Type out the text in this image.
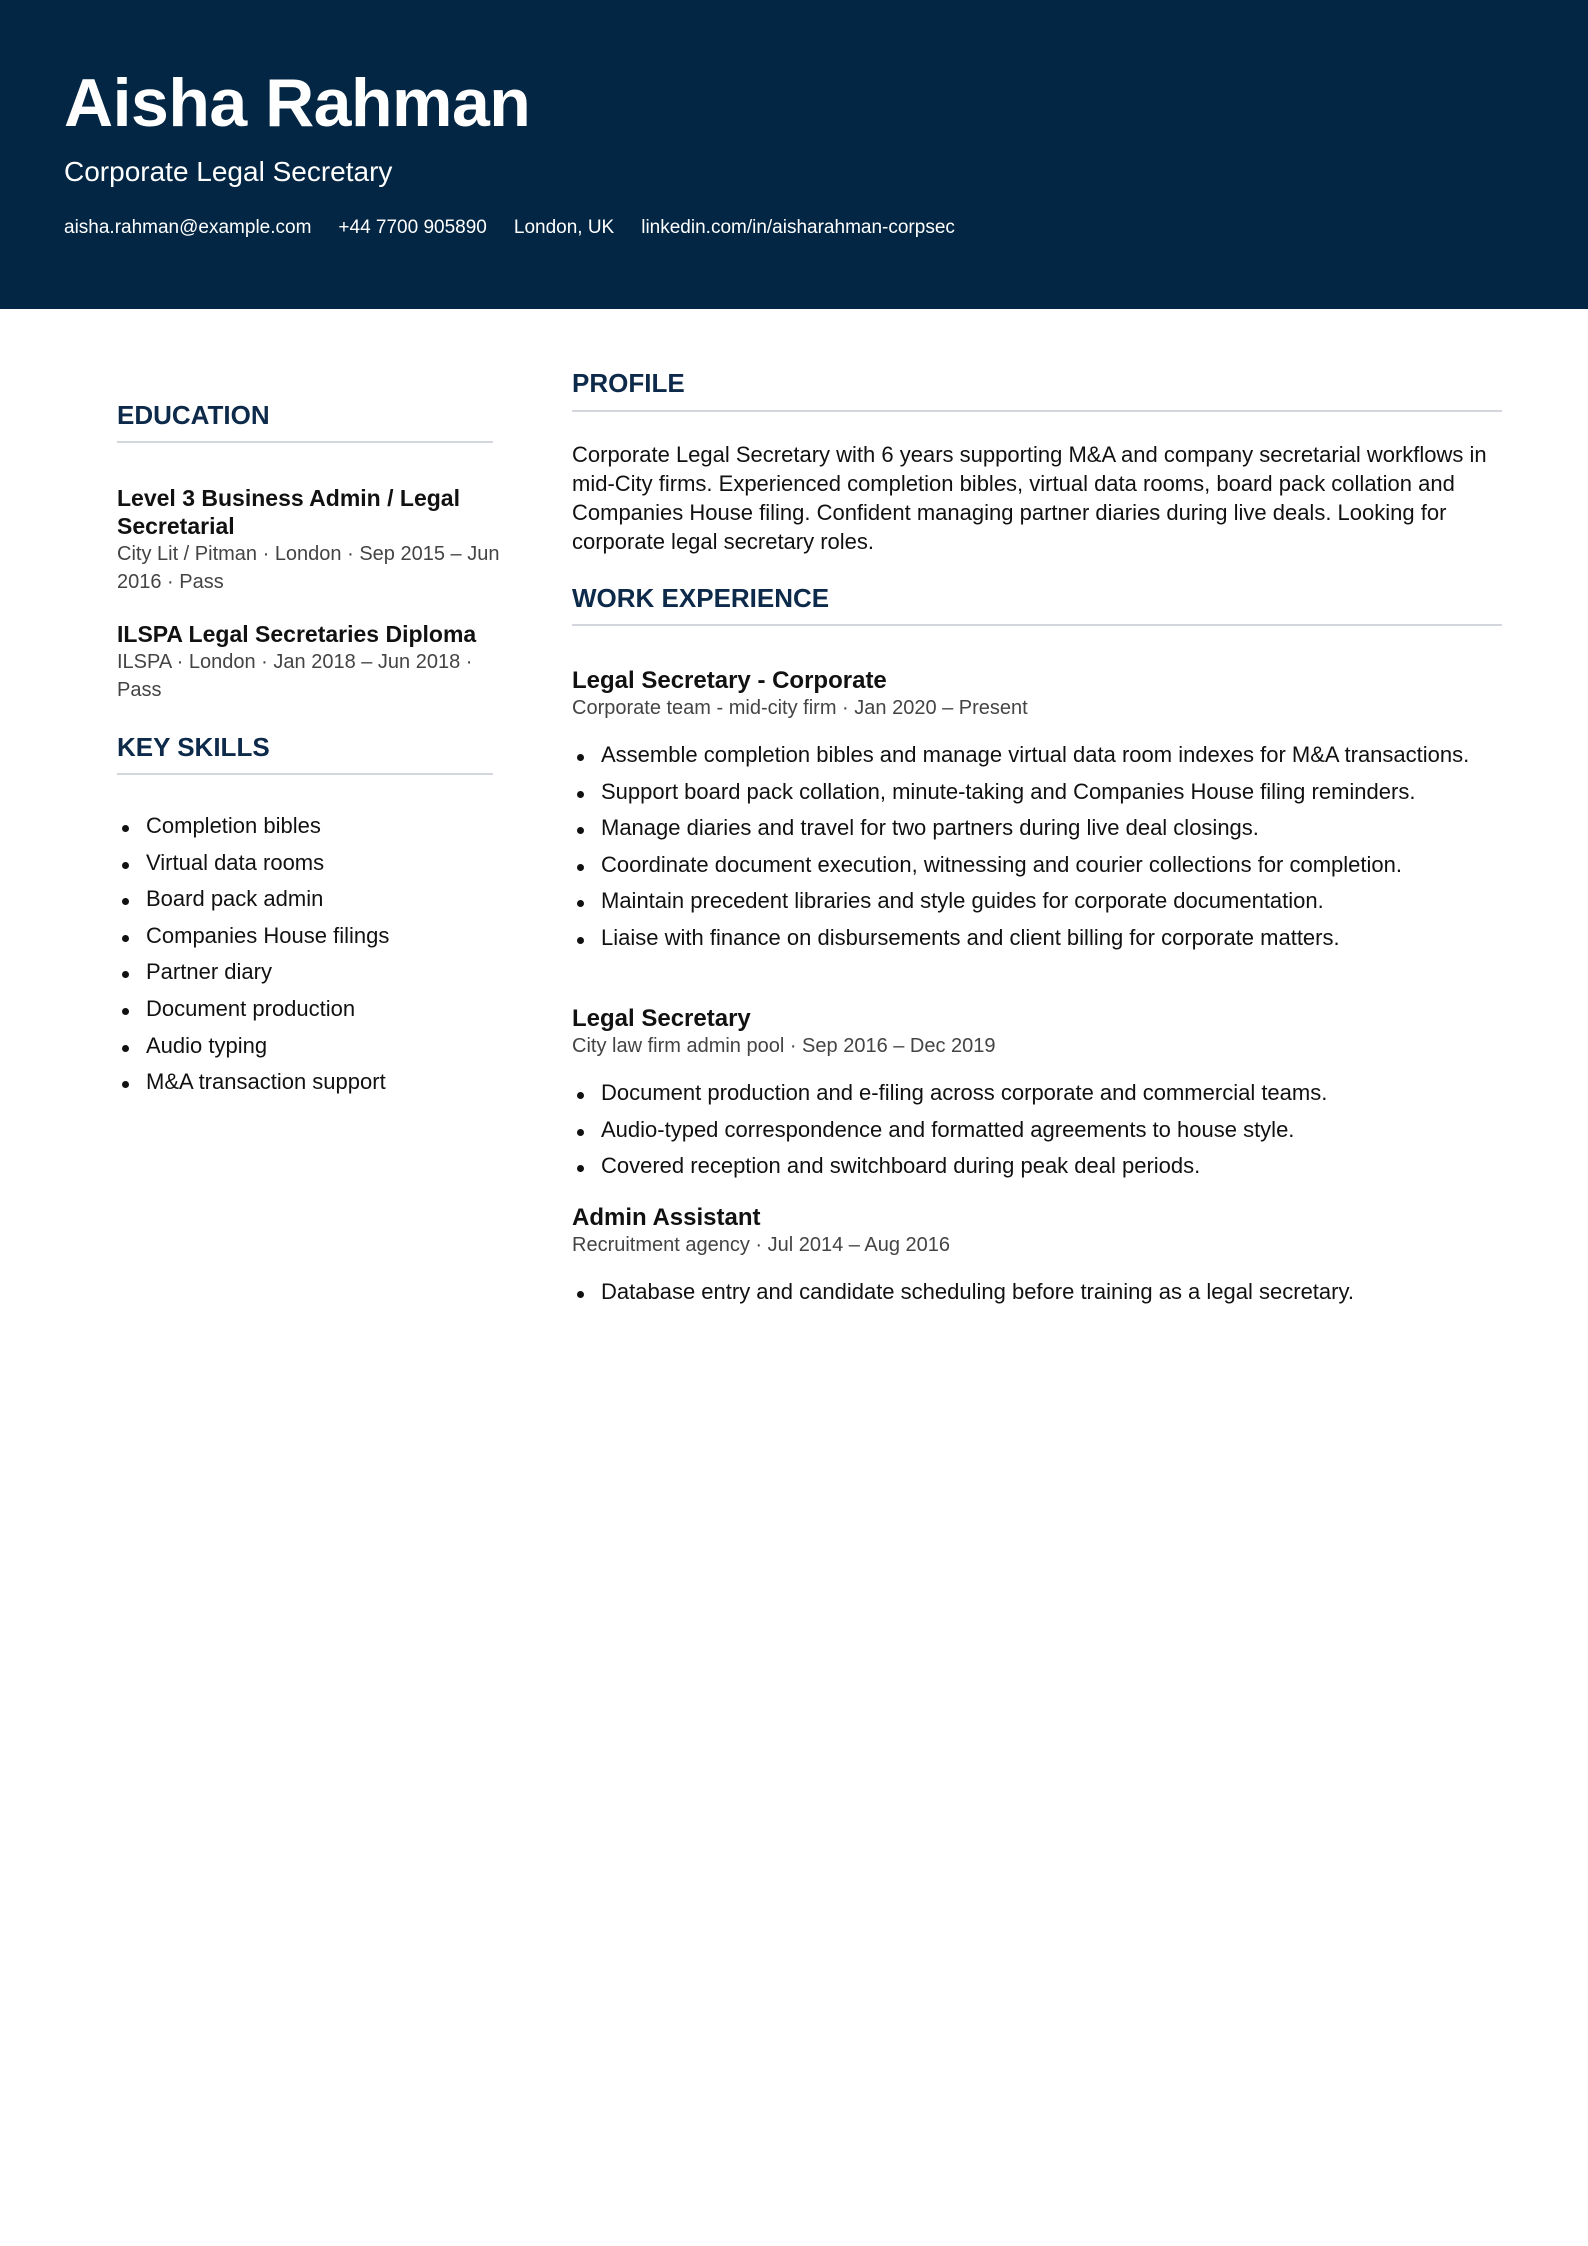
Aisha Rahman
Corporate Legal Secretary
aisha.rahman@example.com +44 7700 905890 London, UK linkedin.com/in/aisharahman-corpsec
EDUCATION
Level 3 Business Admin / Legal Secretarial
City Lit / Pitman · London · Sep 2015 – Jun 2016 · Pass
ILSPA Legal Secretaries Diploma
ILSPA · London · Jan 2018 – Jun 2018 · Pass
KEY SKILLS
Completion bibles
Virtual data rooms
Board pack admin
Companies House filings
Partner diary
Document production
Audio typing
M&A transaction support
PROFILE
Corporate Legal Secretary with 6 years supporting M&A and company secretarial workflows in mid-City firms. Experienced completion bibles, virtual data rooms, board pack collation and Companies House filing. Confident managing partner diaries during live deals. Looking for corporate legal secretary roles.
WORK EXPERIENCE
Legal Secretary - Corporate
Corporate team - mid-city firm · Jan 2020 – Present
Assemble completion bibles and manage virtual data room indexes for M&A transactions.
Support board pack collation, minute-taking and Companies House filing reminders.
Manage diaries and travel for two partners during live deal closings.
Coordinate document execution, witnessing and courier collections for completion.
Maintain precedent libraries and style guides for corporate documentation.
Liaise with finance on disbursements and client billing for corporate matters.
Legal Secretary
City law firm admin pool · Sep 2016 – Dec 2019
Document production and e-filing across corporate and commercial teams.
Audio-typed correspondence and formatted agreements to house style.
Covered reception and switchboard during peak deal periods.
Admin Assistant
Recruitment agency · Jul 2014 – Aug 2016
Database entry and candidate scheduling before training as a legal secretary.
